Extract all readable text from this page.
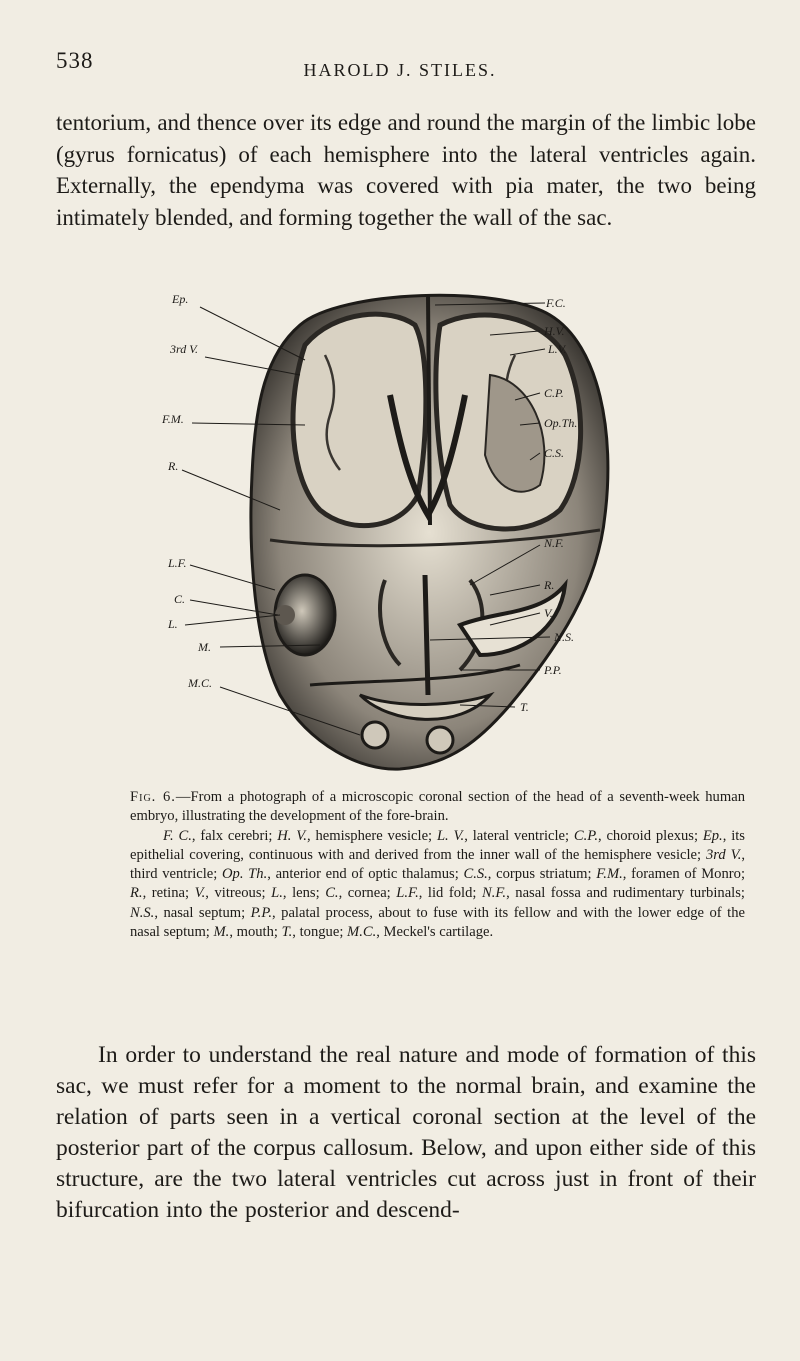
538	HAROLD J. STILES.

tentorium, and thence over its edge and round the margin of the limbic lobe (gyrus fornicatus) of each hemisphere into the lateral ventricles again. Externally, the ependyma was covered with pia mater, the two being intimately blended, and forming together the wall of the sac.

Ep.
3rd V.
F.M.
R.
L.F.
C.
L.
M.
M.C.
F.C.
H.V.
L.V.
C.P.
Op.Th.
C.S.
N.F.
R.
V.
N.S.
P.P.
T.

Fig. 6.—From a photograph of a microscopic coronal section of the head of a seventh-week human embryo, illustrating the development of the fore-brain.

F. C., falx cerebri; H. V., hemisphere vesicle; L. V., lateral ventricle; C.P., choroid plexus; Ep., its epithelial covering, continuous with and derived from the inner wall of the hemisphere vesicle; 3rd V., third ventricle; Op. Th., anterior end of optic thalamus; C.S., corpus striatum; F.M., foramen of Monro; R., retina; V., vitreous; L., lens; C., cornea; L.F., lid fold; N.F., nasal fossa and rudimentary turbinals; N.S., nasal septum; P.P., palatal process, about to fuse with its fellow and with the lower edge of the nasal septum; M., mouth; T., tongue; M.C., Meckel's cartilage.

In order to understand the real nature and mode of formation of this sac, we must refer for a moment to the normal brain, and examine the relation of parts seen in a vertical coronal section at the level of the posterior part of the corpus callosum. Below, and upon either side of this structure, are the two lateral ventricles cut across just in front of their bifurcation into the posterior and descend-
